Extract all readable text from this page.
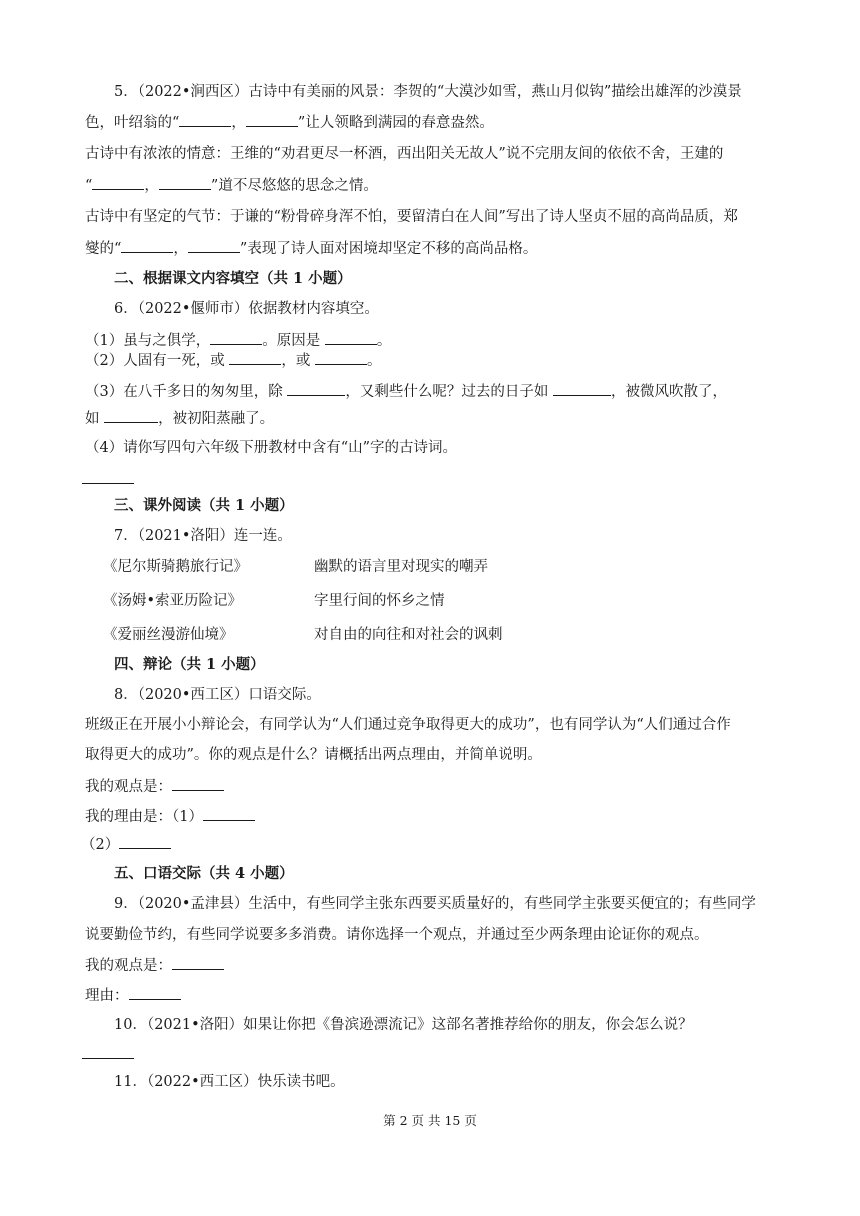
5．（2022•涧西区）古诗中有美丽的风景：李贺的“大漠沙如雪，燕山月似钩”描绘出雄浑的沙漠景
色，叶绍翁的“	，	”让人领略到满园的春意盎然。
古诗中有浓浓的情意：王维的“劝君更尽一杯酒，西出阳关无故人”说不完朋友间的依依不舍，王建的
“	，	”道不尽悠悠的思念之情。
古诗中有坚定的气节：于谦的“粉骨碎身浑不怕，要留清白在人间”写出了诗人坚贞不屈的高尚品质，郑
燮的“	，	”表现了诗人面对困境却坚定不移的高尚品格。
二、根据课文内容填空（共 1 小题）
6．（2022•偃师市）依据教材内容填空。
（1）虽与之俱学，	。原因是	。
（2）人固有一死，或	，或	。
（3）在八千多日的匆匆里，除	，又剩些什么呢？过去的日子如	，被微风吹散了，
如	，被初阳蒸融了。
（4）请你写四句六年级下册教材中含有“山”字的古诗词。
三、课外阅读（共 1 小题）
7．（2021•洛阳）连一连。
《尼尔斯骑鹅旅行记》	幽默的语言里对现实的嘲弄
《汤姆•索亚历险记》	字里行间的怀乡之情
《爱丽丝漫游仙境》	对自由的向往和对社会的讽刺
四、辩论（共 1 小题）
8．（2020•西工区）口语交际。
班级正在开展小小辩论会，有同学认为“人们通过竞争取得更大的成功”，也有同学认为“人们通过合作
取得更大的成功”。你的观点是什么？请概括出两点理由，并简单说明。
我的观点是：
我的理由是：（1）
（2）
五、口语交际（共 4 小题）
9．（2020•孟津县）生活中，有些同学主张东西要买质量好的，有些同学主张要买便宜的；有些同学
说要勤俭节约，有些同学说要多多消费。请你选择一个观点，并通过至少两条理由论证你的观点。
我的观点是：
理由：
10．（2021•洛阳）如果让你把《鲁滨逊漂流记》这部名著推荐给你的朋友，你会怎么说？
11．（2022•西工区）快乐读书吧。
第 2 页 共 15 页
